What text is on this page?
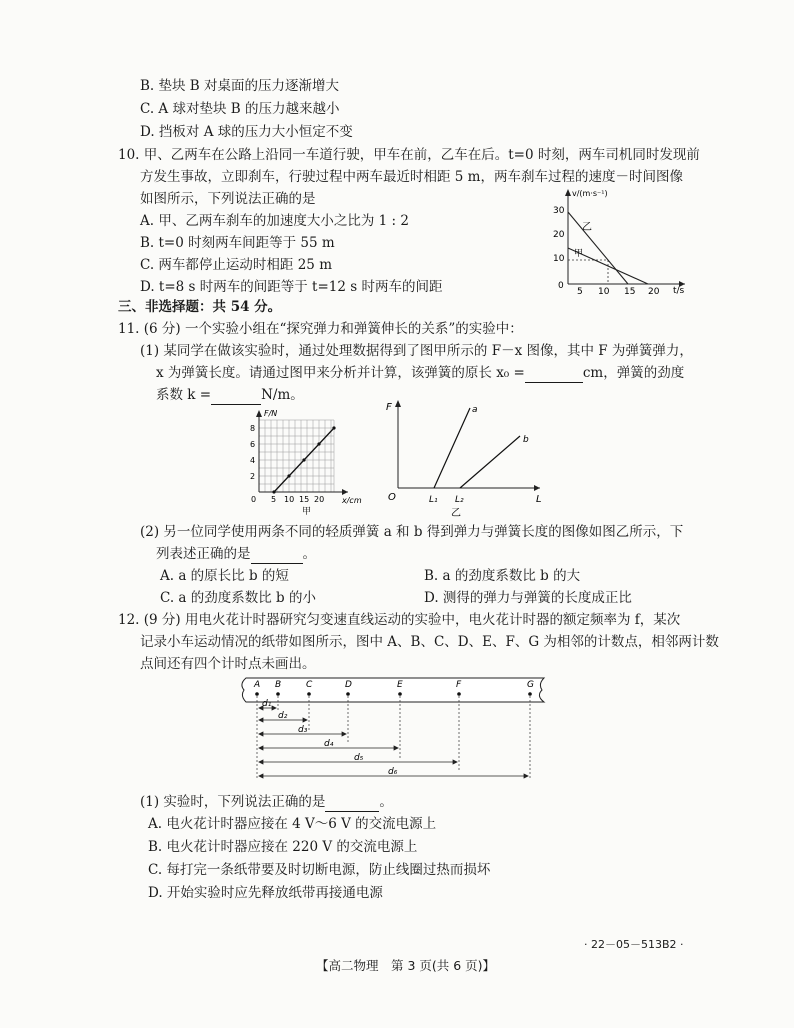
B. 垫块 B 对桌面的压力逐渐增大
C. A 球对垫块 B 的压力越来越小
D. 挡板对 A 球的压力大小恒定不变
10. 甲、乙两车在公路上沿同一车道行驶，甲车在前，乙车在后。t=0 时刻，两车司机同时发现前
方发生事故，立即刹车，行驶过程中两车最近时相距 5 m，两车刹车过程的速度－时间图像
如图所示，下列说法正确的是
A. 甲、乙两车刹车的加速度大小之比为 1 : 2
B. t=0 时刻两车间距等于 55 m
C. 两车都停止运动时相距 25 m
D. t=8 s 时两车的间距等于 t=12 s 时两车的间距
v/(m·s⁻¹)
t/s
0
10
20
30
5 10 15 20
乙
甲
三、非选择题：共 54 分。
11. (6 分) 一个实验小组在“探究弹力和弹簧伸长的关系”的实验中：
(1) 某同学在做该实验时，通过处理数据得到了图甲所示的 F－x 图像，其中 F 为弹簧弹力，
x 为弹簧长度。请通过图甲来分析并计算，该弹簧的原长 x₀ =	cm，弹簧的劲度
系数 k =	N/m。
F/N
x/cm
0
2
4
6
8
5 10 15 20
甲
F
L
O
a
b
L₁ L₂
乙
(2) 另一位同学使用两条不同的轻质弹簧 a 和 b 得到弹力与弹簧长度的图像如图乙所示，下
列表述正确的是	。
A. a 的原长比 b 的短	B. a 的劲度系数比 b 的大
C. a 的劲度系数比 b 的小	D. 测得的弹力与弹簧的长度成正比
12. (9 分) 用电火花计时器研究匀变速直线运动的实验中，电火花计时器的额定频率为 f，某次
记录小车运动情况的纸带如图所示，图中 A、B、C、D、E、F、G 为相邻的计数点，相邻两计数
点间还有四个计时点未画出。
A B	C	D	E	F	G
d₁
d₂
d₃
d₄
d₅
d₆
(1) 实验时，下列说法正确的是	。
A. 电火花计时器应接在 4 V～6 V 的交流电源上
B. 电火花计时器应接在 220 V 的交流电源上
C. 每打完一条纸带要及时切断电源，防止线圈过热而损坏
D. 开始实验时应先释放纸带再接通电源
· 22－05－513B2 ·
【高二物理　第 3 页(共 6 页)】
